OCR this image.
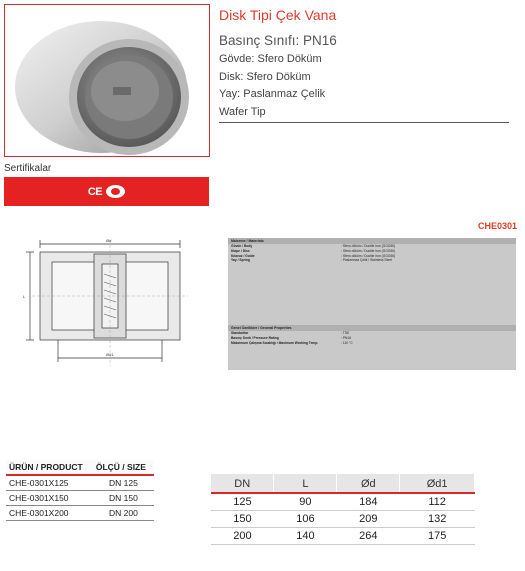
Disk Tipi Çek Vana
Basınç Sınıfı: PN16
Gövde: Sfero Döküm
Disk: Sfero Döküm
Yay: Paslanmaz Çelik
Wafer Tip
Sertifikalar
CE
CHE0301
Ød
L
Ød1
Malzeme / Materials
Gövde / Body	: Sfero döküm / Ductile iron (GGG50)
Klape / Disc	: Sfero döküm / Ductile iron (GGG50)
Kılavuz / Guide	: Sfero döküm / Ductile iron (GGG50)
Yay / Spring	: Paslanmaz Çelik / Stainless Steel
Genel Özellikler / General Properties
Standartlar	: TSE
Basınç Sınıfı / Pressure Rating	: PN16
Maksimum Çalışma Sıcaklığı / Maximum Working Temp.	: 110 °C
ÜRÜN / PRODUCT	ÖLÇÜ / SIZE
CHE-0301X125	DN 125
CHE-0301X150	DN 150
CHE-0301X200	DN 200
DN	L	Ød	Ød1
125	90	184	112
150	106	209	132
200	140	264	175
